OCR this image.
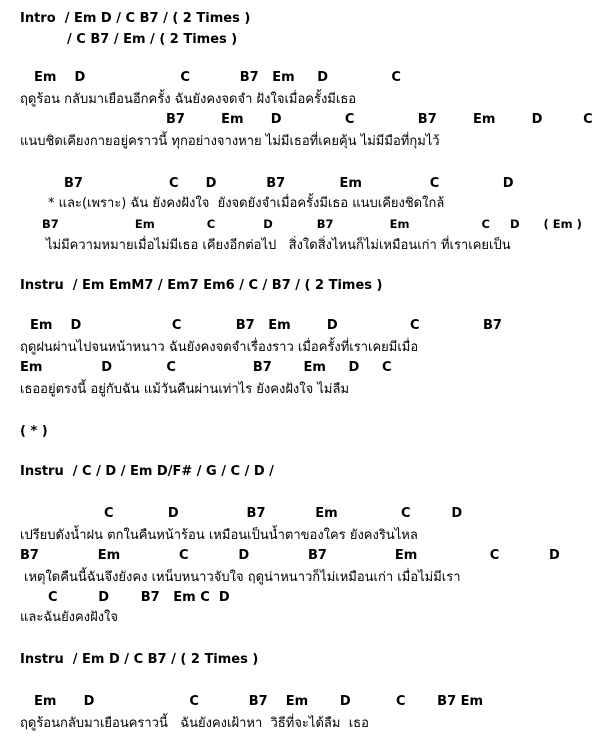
Intro  / Em D / C B7 / ( 2 Times )
/ C B7 / Em / ( 2 Times )
Em    D                     C           B7   Em     D              C
ฤดูร้อน กลับมาเยือนอีกครั้ง ฉันยังคงจดจำ ฝังใจเมื่อครั้งมีเธอ
B7        Em      D              C              B7        Em        D         C
แนบชิดเคียงกายอยู่คราวนี้ ทุกอย่างจางหาย ไม่มีเธอที่เคยคุ้น ไม่มีมือที่กุมไว้
B7                   C      D           B7            Em               C              D
* และ(เพราะ) ฉัน ยังคงฝังใจ  ยังจดยังจำเมื่อครั้งมีเธอ แนบเคียงชิดใกล้
B7                   Em             C            D           B7              Em                  C     D      ( Em )
ไม่มีความหมายเมื่อไม่มีเธอ เคียงอีกต่อไป   สิ่งใดสิ่งไหนก็ไม่เหมือนเก่า ที่เราเคยเป็น
Instru  / Em EmM7 / Em7 Em6 / C / B7 / ( 2 Times )
Em    D                    C            B7   Em        D                C              B7
ฤดูฝนผ่านไปจนหน้าหนาว ฉันยังคงจดจำเรื่องราว เมื่อครั้งที่เราเคยมีเมื่อ
Em             D            C                 B7       Em     D     C
เธออยู่ตรงนี้ อยู่กับฉัน แม้วันคืนผ่านเท่าไร ยังคงฝังใจ ไม่ลืม
( * )
Instru  / C / D / Em D/F# / G / C / D /
C            D               B7           Em              C         D
เปรียบดังน้ำฝน ตกในคืนหน้าร้อน เหมือนเป็นน้ำตาของใคร ยังคงรินไหล
B7             Em             C           D             B7               Em                C           D
เหตุใดคืนนี้ฉันจึงยังคง เหน็บหนาวจับใจ ฤดูน่าหนาวก็ไม่เหมือนเก่า เมื่อไม่มีเรา
C         D       B7   Em C  D
และฉันยังคงฝังใจ
Instru  / Em D / C B7 / ( 2 Times )
Em      D                     C           B7    Em       D          C       B7 Em
ฤดูร้อนกลับมาเยือนคราวนี้   ฉันยังคงเฝ้าหา  วิธีที่จะได้ลืม  เธอ
